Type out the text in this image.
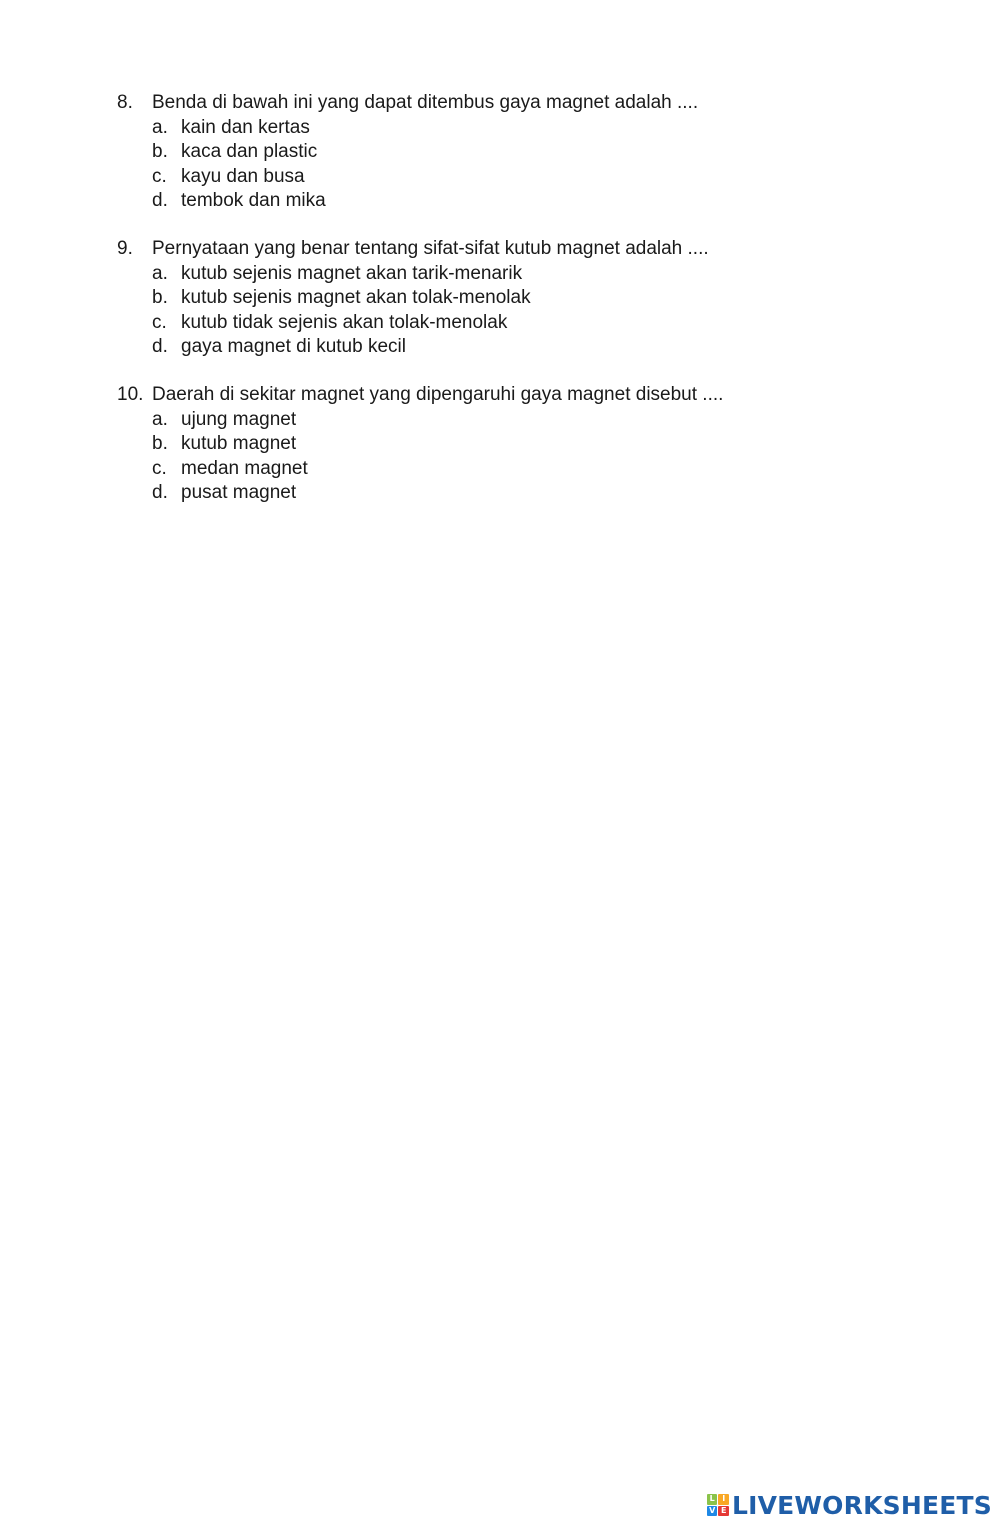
8.	Benda di bawah ini yang dapat ditembus gaya magnet adalah ....
a. kain dan kertas
b. kaca dan plastic
c. kayu dan busa
d. tembok dan mika
9.	Pernyataan yang benar tentang sifat-sifat kutub magnet adalah ....
a. kutub sejenis magnet akan tarik-menarik
b. kutub sejenis magnet akan tolak-menolak
c. kutub tidak sejenis akan tolak-menolak
d. gaya magnet di kutub kecil
10. Daerah di sekitar magnet yang dipengaruhi gaya magnet disebut ....
a. ujung magnet
b. kutub magnet
c. medan magnet
d. pusat magnet
L I
V E LIVEWORKSHEETS
